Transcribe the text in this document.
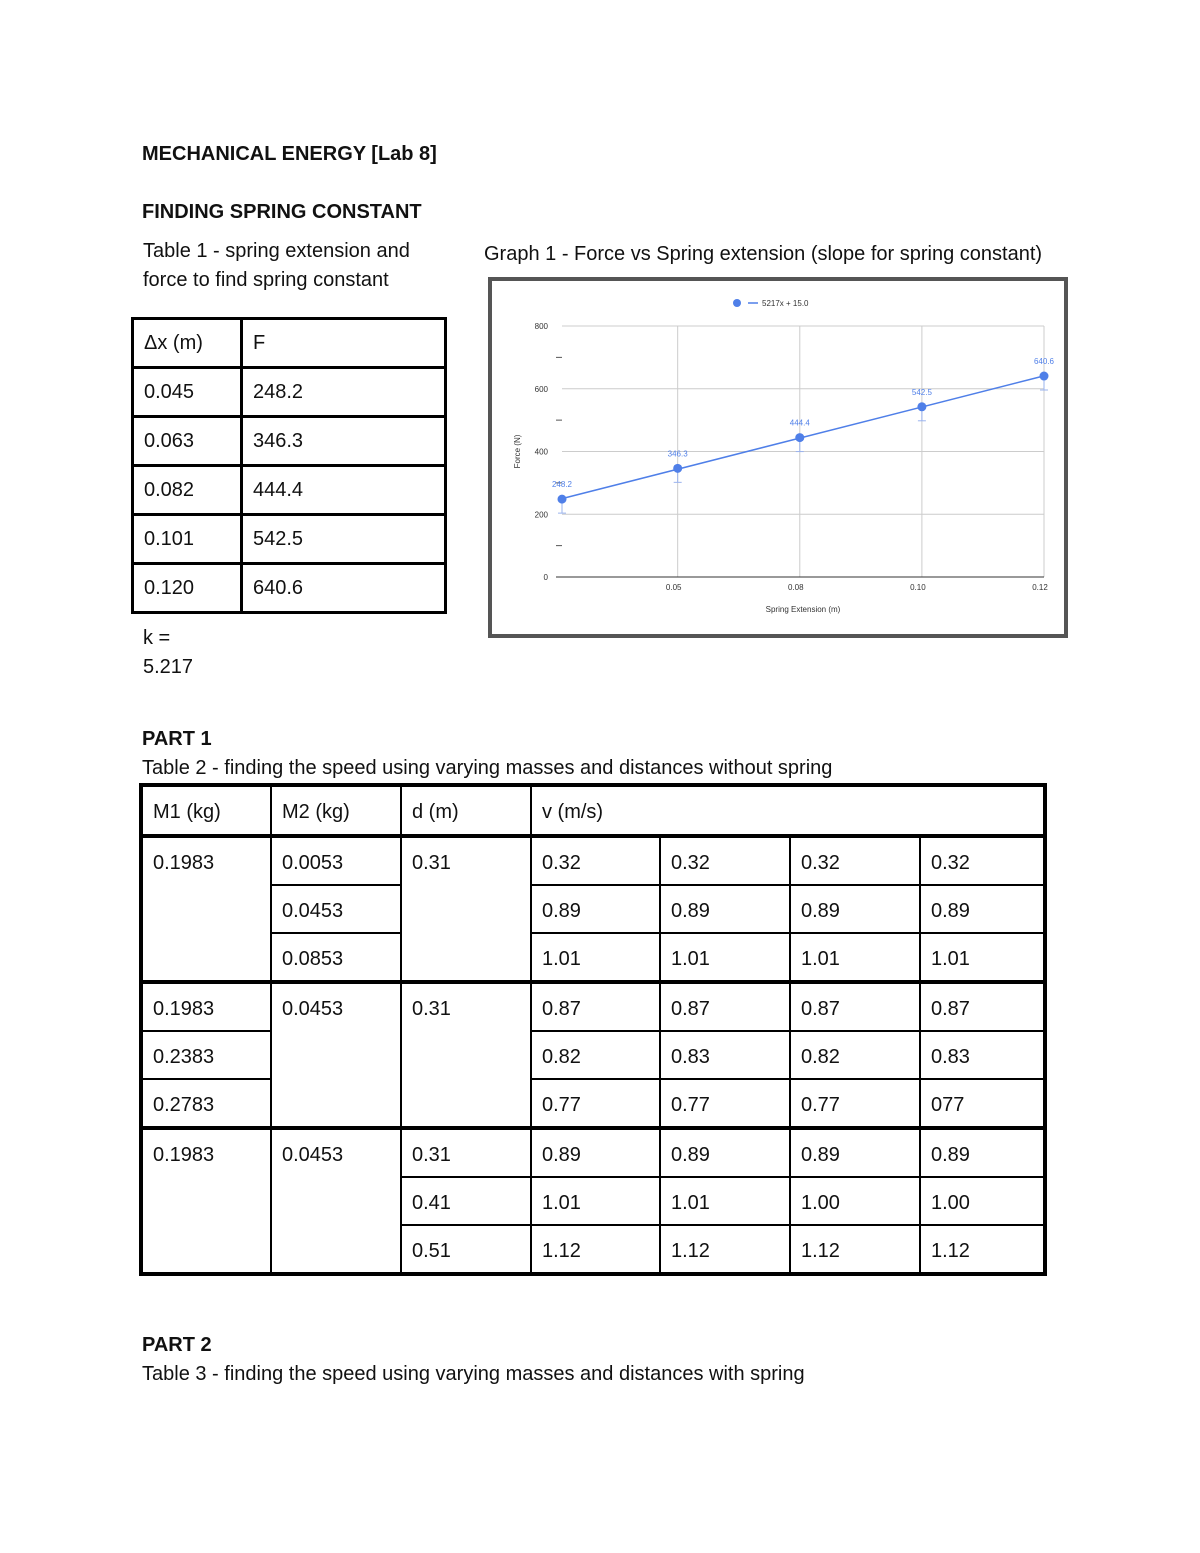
MECHANICAL ENERGY [Lab 8]
FINDING SPRING CONSTANT
Table 1 - spring extension and
force to find spring constant
Δx (m)	F
0.045	248.2
0.063	346.3
0.082	444.4
0.101	542.5
0.120	640.6
k =
5.217
Graph 1 - Force vs Spring extension (slope for spring constant)
0
200
400
600
800
0.05	0.08	0.10	0.12
Spring Extension (m)
Force (N)
5217x + 15.0
248.2
346.3
444.4
542.5
640.6
PART 1
Table 2 - finding the speed using varying masses and distances without spring
M1 (kg)	M2 (kg)	d (m)	v (m/s)			
0.1983	0.0053	0.31	0.32	0.32	0.32	0.32
	0.0453		0.89	0.89	0.89	0.89
	0.0853		1.01	1.01	1.01	1.01
0.1983	0.0453	0.31	0.87	0.87	0.87	0.87
0.2383			0.82	0.83	0.82	0.83
0.2783			0.77	0.77	0.77	077
0.1983	0.0453	0.31	0.89	0.89	0.89	0.89
		0.41	1.01	1.01	1.00	1.00
		0.51	1.12	1.12	1.12	1.12
PART 2
Table 3 - finding the speed using varying masses and distances with spring
